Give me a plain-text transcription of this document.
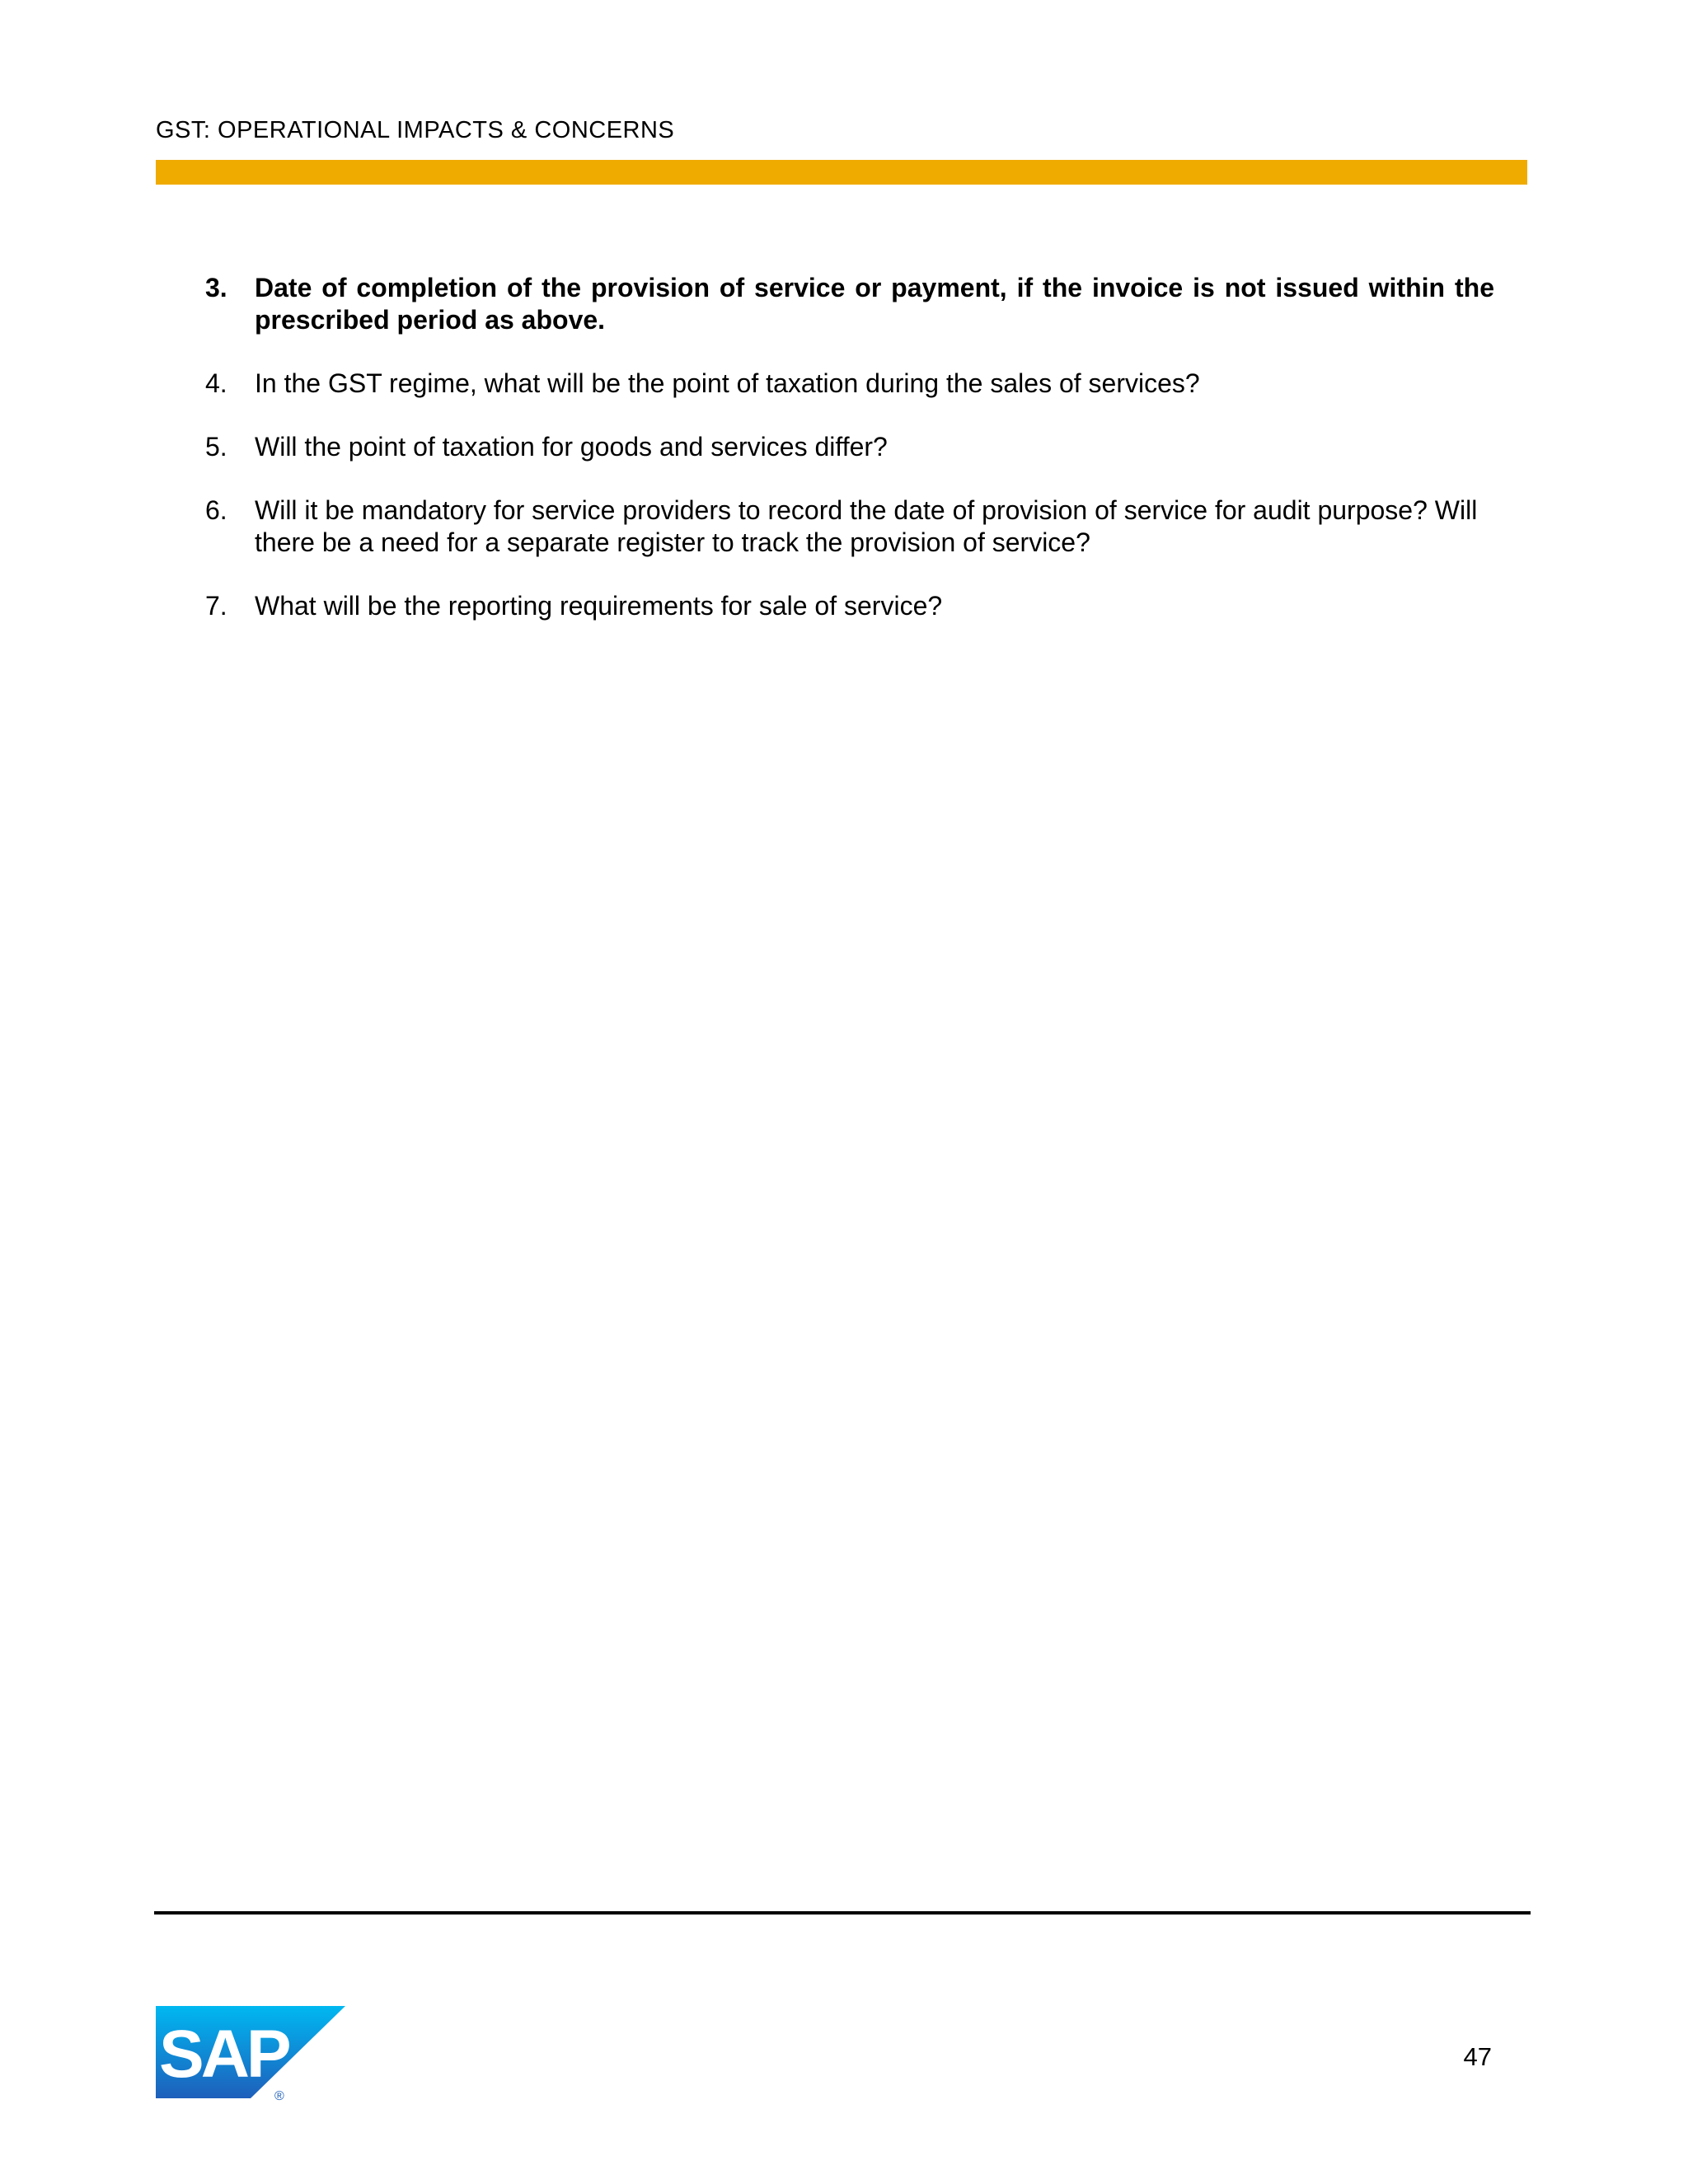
GST: OPERATIONAL IMPACTS & CONCERNS
3. Date of completion of the provision of service or payment, if the invoice is not issued within the prescribed period as above.
4. In the GST regime, what will be the point of taxation during the sales of services?
5. Will the point of taxation for goods and services differ?
6. Will it be mandatory for service providers to record the date of provision of service for audit purpose? Will there be a need for a separate register to track the provision of service?
7. What will be the reporting requirements for sale of service?
SAP
®
47
